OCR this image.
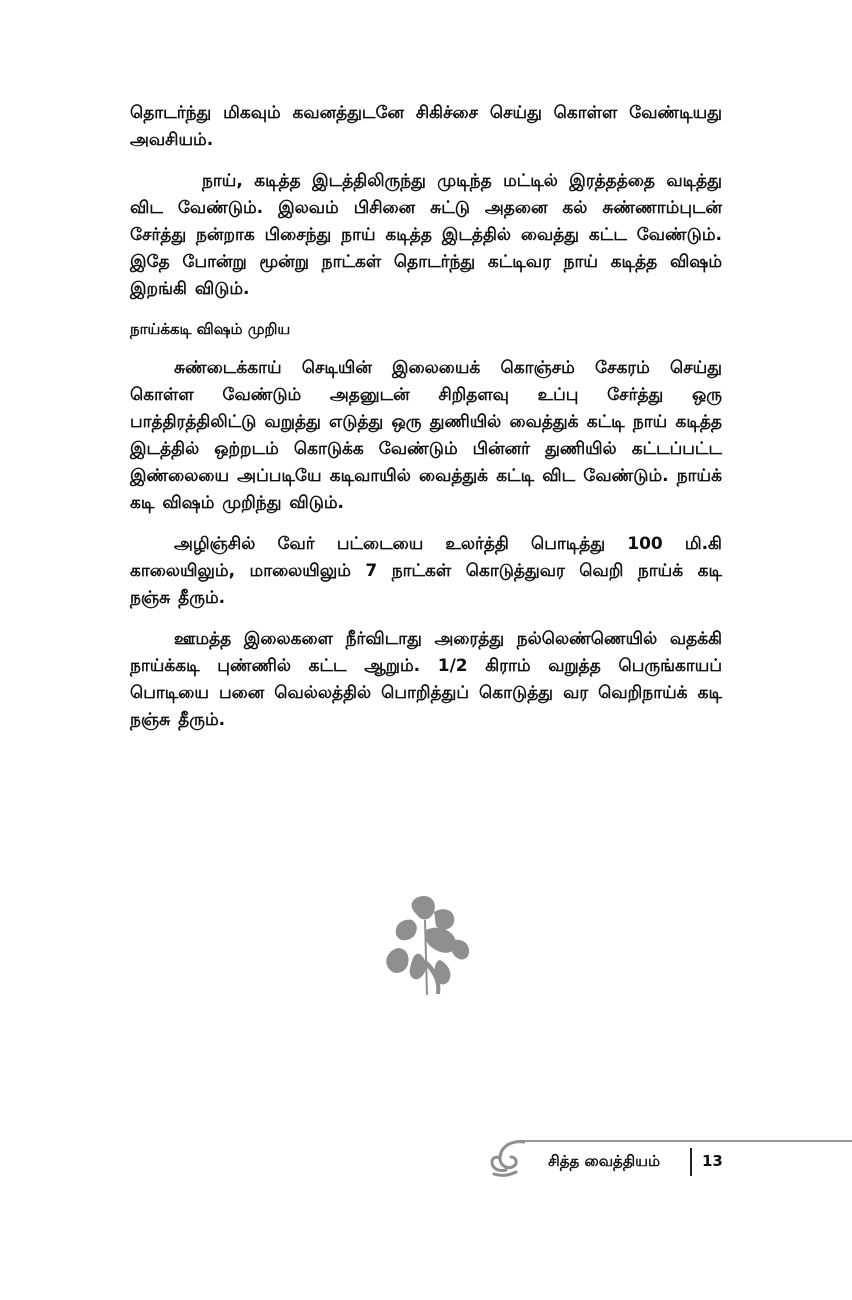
தொடர்ந்து மிகவும் கவனத்துடனே சிகிச்சை செய்து கொள்ள வேண்டியது அவசியம்.

நாய், கடித்த இடத்திலிருந்து முடிந்த மட்டில் இரத்தத்தை வடித்து விட வேண்டும். இலவம் பிசினை சுட்டு அதனை கல் சுண்ணாம்புடன் சேர்த்து நன்றாக பிசைந்து நாய் கடித்த இடத்தில் வைத்து கட்ட வேண்டும். இதே போன்று மூன்று நாட்கள் தொடர்ந்து கட்டிவர நாய் கடித்த விஷம் இறங்கி விடும்.

நாய்க்கடி விஷம் முறிய

சுண்டைக்காய் செடியின் இலையைக் கொஞ்சம் சேகரம் செய்து கொள்ள வேண்டும் அதனுடன் சிறிதளவு உப்பு சேர்த்து ஒரு பாத்திரத்திலிட்டு வறுத்து எடுத்து ஒரு துணியில் வைத்துக் கட்டி நாய் கடித்த இடத்தில் ஒற்றடம் கொடுக்க வேண்டும் பின்னர் துணியில் கட்டப்பட்ட இண்லையை அப்படியே கடிவாயில் வைத்துக் கட்டி விட வேண்டும். நாய்க் கடி விஷம் முறிந்து விடும்.

அழிஞ்சில் வேர் பட்டையை உலர்த்தி பொடித்து 100 மி.கி காலையிலும், மாலையிலும் 7 நாட்கள் கொடுத்துவர வெறி நாய்க் கடி நஞ்சு தீரும்.

ஊமத்த இலைகளை நீர்விடாது அரைத்து நல்லெண்ணெயில் வதக்கி நாய்க்கடி புண்ணில் கட்ட ஆறும். 1/2 கிராம் வறுத்த பெருங்காயப் பொடியை பனை வெல்லத்தில் பொறித்துப் கொடுத்து வர வெறிநாய்க் கடி நஞ்சு தீரும்.

சித்த வைத்தியம்	13
